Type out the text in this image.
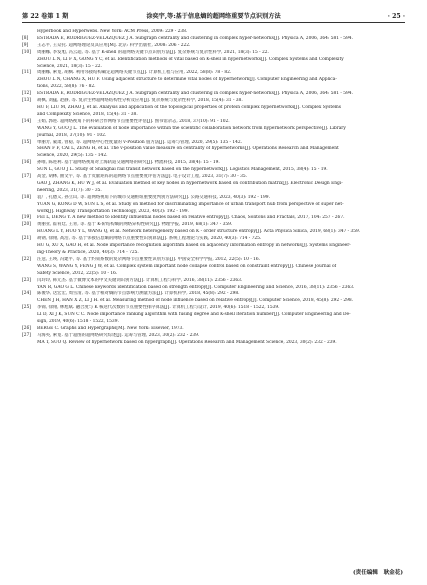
第 22 卷第 1 期	涂奕宇,等:基于信息熵的超网络重要节点识别方法	· 25 ·
Hyperbook and Hyperwebs. New York: ACM Press, 2009: 229 - 238.
[8] ESTRADA E, RODRIGUEZ-VELAZQUEZ J A. Subgraph centrality and clustering in complex hyper-networks[J]. Physica A, 2006, 364: 581 - 594.
[9] 王志平, 王众托. 超网络理论及其应用[M]. 北京: 科学出版社, 2008: 206 - 222.
[10] 周丽娜, 李发旭, 冯云超, 等. 基于 K-shell 的超网络关键节点识别方法[J]. 复杂系统与复杂性科学, 2021, 18(3): 15 - 22.
ZHOU L N, LI F X, GONG Y C, et al. Identification methods of vital based on K-shell in hypernetworks[J]. Complex Systems and Complexity
Science, 2021, 18(3): 15 - 22.
[11] 周丽娜, 索宽, 胡枫. 利用邻接结构确定超网络关键节点[J]. 计算机工程与应用, 2022, 58(8): 78 - 82.
ZHOU L N, CHANG X, HU F. Using adjacent structure to determine vital nodes of hypernetwork[J]. Computer Engineering and Applica-
tions, 2022, 58(8): 76 - 82.
[12] ESTRADA E, RODRIGUEZ-VELAZQUEZ J A. Subgraph centrality and clustering in complex hyper-networks[J]. Physica A, 2006, 364: 581 - 594.
[13] 胡枫, 刘猛, 赵静, 等. 复杂生物超网络结构性分析及应用[J]. 复杂系统与复杂性科学, 2018, 15(4): 31 - 38.
HU F, LIU M, ZHAO J, et al. Analysis and application of the topological properties of protein complex hypernetworks[J]. Complex Systems
and Complexity Science, 2018, 15(4): 31 - 38.
[14] 王娟, 郭进. 超网络视角下的科研合作网络节点重要性评估[J]. 图书馆杂志, 2018, 37(10): 91 - 102.
WANG Y, GUO J L. The evaluation of node importance within the scientific collaboration network from hypernetwork perspective[J]. Library
Journal, 2018, 37(10): 91 - 102.
[15] 单丽芳, 蒙肃, 曾稳, 等. 超网络中心性度量的 v-Position 值方法[J]. 运筹与管理, 2020, 29(5): 135 - 142.
SHAN F F, CAI L, ZENG H, et al. The v-position value measure on centrality of hypernetworks[J]. Operations Research and Management
Science, 2020, 29(5): 135 - 142.
[16] 孙唯, 陈进利. 基于超网络视角对上海轨道交通网络的研究[J]. 物流科技, 2015, 38(4): 15 - 19.
SUN L, GUO J L. Study of Shanghai rail transit network based on the hypernetwork[J]. Logistics Management, 2015, 38(4): 15 - 19.
[17] 高金, 胡林, 曲文宇, 等. 基于贡献矩阵的超网络节点重要度评估方法[J]. 电子设计工程, 2023, 31(7): 30 - 35.
GAO J, ZHANG K, HU W J, et al. Evaluation method of key nodes in hypernetwork based on contribution matrix[J]. Electronic Design Engi-
neering, 2023, 31(7): 30 - 35.
[18] 袁广, 孔德义, 孙立山, 等. 超网络视角下的城市交通枢纽重要度判别方法研究[J]. 公路交通科技, 2023, 40(3): 192 - 199.
YUAN G, KONG D W, SUN L S, et al. Study on method for discriminating importance of urban transport hub from perspective of super net-
work[J]. Highway Transportation Technology, 2023, 40(3): 192 - 199.
[19] FEI L, DENG Y. A new method to identify influential nodes based on relative entropy[J]. Chaos, Solitons and Fractals, 2017, 104: 257 - 267.
[20] 黄丽亚, 霍宥廷, 王青, 等. 基于 K-阶结构熵的网络异构性研究[J]. 物理学报, 2019, 68(1): 347 - 359.
HUANG L Y, HUO Y L, WANG Q, et al. Network heterogeneity based on K - order structure entropy[J]. Acta Physica Sinica, 2019, 68(1): 347 - 359.
[21] 胡钢, 徐翔, 高浩, 等. 基于邻接信息熵的网络节点重要性识别算法[J]. 系统工程理论与实践, 2020, 40(3): 714 - 725.
HU G, XU X, GAO H, et al. Node importance recognition algorithm based on adjacency information entropy in networks[J]. Systems Engineer-
ing-Theory & Practice, 2020, 40(3): 714 - 725.
[22] 汪送, 王瑛, 冯建平, 等. 基于约束系数的复杂网络节点重要性识别方法[J]. 中国安全科学学报, 2012, 22(5): 10 - 16.
WANG S, WANG Y, FENG J W, et al. Complex system important node collapse control based on constraint entropy[J]. Chinese Journal of
Safety Science, 2012, 22(5): 10 - 16.
[23] 闫玲玲, 韩元杰. 基于微博文本的中文关键词识别方法[J]. 计算机工程与科学, 2016, 38(11): 2356 - 2363.
YAN R, GAO G L. Chinese keywords identification based on strength entropy[J]. Computer Engineering and Science, 2016, 38(11): 2356 - 2363.
[24] 陈俊华, 达宏宏, 周雪清, 等. 基于相对熵的节点影响力测量方法[J]. 计算机科学, 2018, 45(8): 292 - 298.
CHEN J H, HAN X Z, LI J H. et al. Measuring method of node influence based on relative entropy[J]. Computer Science, 2018, 45(8): 292 - 298.
[25] 李锦, 徐翔, 林旭斌. 融合度与 K 核迭代次数的节点重要性排序算法[J]. 计算机工程与设计, 2019, 40(6): 1518 - 1522, 1539.
LI D, XI J K, SUN C C. Node importance ranking algorithm with fusing degree and K-shell iteration number[J]. Computer Engineering and De-
sign, 2019, 40(6): 1518 - 1522, 1539.
[26] BERGE C. Graphs and Hypergraphs[M]. New York: Elsevier, 1973.
[27] 马海英, 索宽. 基于超图的超网络研究综述[J]. 运筹与管理, 2023, 30(2): 232 - 239.
MA T, SUO Q. Review of hypernetwork based on hypergraph[J]. Operations Research and Management Science, 2023, 30(2): 232 - 239.
(责任编辑　耿金花)
